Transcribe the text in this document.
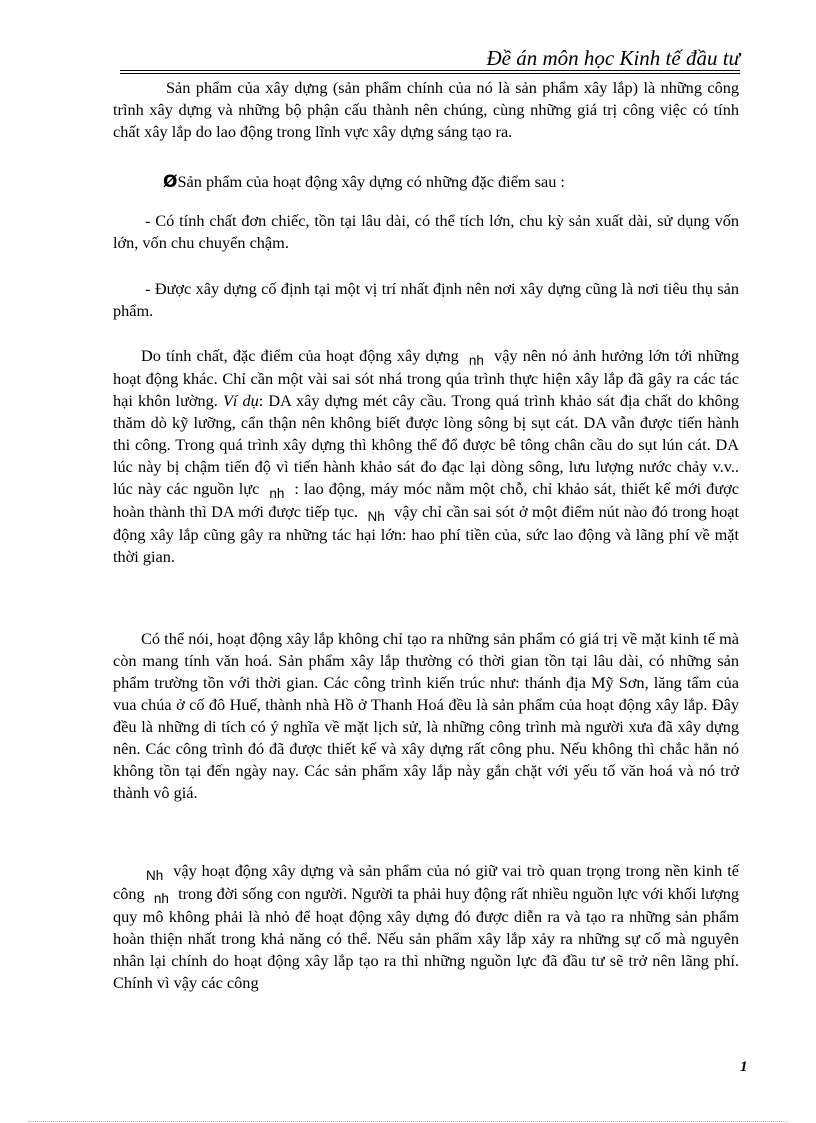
Đề án môn học Kinh tế đầu tư

Sản phẩm của xây dựng (sản phẩm chính của nó là sản phẩm xây lắp) là những công trình xây dựng và những bộ phận cấu thành nên chúng, cùng những giá trị công việc có tính chất xây lắp do lao động trong lĩnh vực xây dựng sáng tạo ra.

ØSản phẩm của hoạt động xây dựng có những đặc điểm sau :

- Có tính chất đơn chiếc, tồn tại lâu dài, có thể tích lớn, chu kỳ sản xuất dài, sử dụng vốn lớn, vốn chu chuyển chậm.

- Được xây dựng cố định tại một vị trí nhất định nên nơi xây dựng cũng là nơi tiêu thụ sản phẩm.

Do tính chất, đặc điểm của hoạt động xây dựng $_{nh}$ vậy nên nó ảnh hưởng lớn tới những hoạt động khác. Chỉ cần một vài sai sót nhá trong qúa trình thực hiện xây lắp đã gây ra các tác hại khôn lường. Ví dụ: DA xây dựng mét cây cầu. Trong quá trình khảo sát địa chất do không thăm dò kỹ lưỡng, cẩn thận nên không biết được lòng sông bị sụt cát. DA vẫn được tiến hành thi công. Trong quá trình xây dựng thì không thể đổ được bê tông chân cầu do sụt lún cát. DA lúc này bị chậm tiến độ vì tiến hành khảo sát đo đạc lại dòng sông, lưu lượng nước chảy v.v.. lúc này các nguồn lực $_{nh}$ : lao động, máy móc nằm một chỗ, chỉ khảo sát, thiết kế mới được hoàn thành thì DA mới được tiếp tục. $_{Nh}$ vậy chỉ cần sai sót ở một điểm nút nào đó trong hoạt động xây lắp cũng gây ra những tác hại lớn: hao phí tiền của, sức lao động và lãng phí về mặt thời gian.

Có thể nói, hoạt động xây lắp không chỉ tạo ra những sản phẩm có giá trị về mặt kinh tế mà còn mang tính văn hoá. Sản phẩm xây lắp thường có thời gian tồn tại lâu dài, có những sản phẩm trường tồn với thời gian. Các công trình kiến trúc như: thánh địa Mỹ Sơn, lăng tẩm của vua chúa ở cố đô Huế, thành nhà Hồ ở Thanh Hoá đều là sản phẩm của hoạt động xây lắp. Đây đều là những di tích có ý nghĩa về mặt lịch sử, là những công trình mà người xưa đã xây dựng nên. Các công trình đó đã được thiết kế và xây dựng rất công phu. Nếu không thì chắc hẳn nó không tồn tại đến ngày nay. Các sản phẩm xây lắp này gắn chặt với yếu tố văn hoá và nó trở thành vô giá.

$_{Nh}$ vậy hoạt động xây dựng và sản phẩm của nó giữ vai trò quan trọng trong nền kinh tế công $_{nh}$ trong đời sống con người. Người ta phải huy động rất nhiều nguồn lực với khối lượng quy mô không phải là nhỏ để hoạt động xây dựng đó được diễn ra và tạo ra những sản phẩm hoàn thiện nhất trong khả năng có thể. Nếu sản phẩm xây lắp xảy ra những sự cố mà nguyên nhân lại chính do hoạt động xây lắp tạo ra thì những nguồn lực đã đầu tư sẽ trở nên lãng phí. Chính vì vậy các công

1
